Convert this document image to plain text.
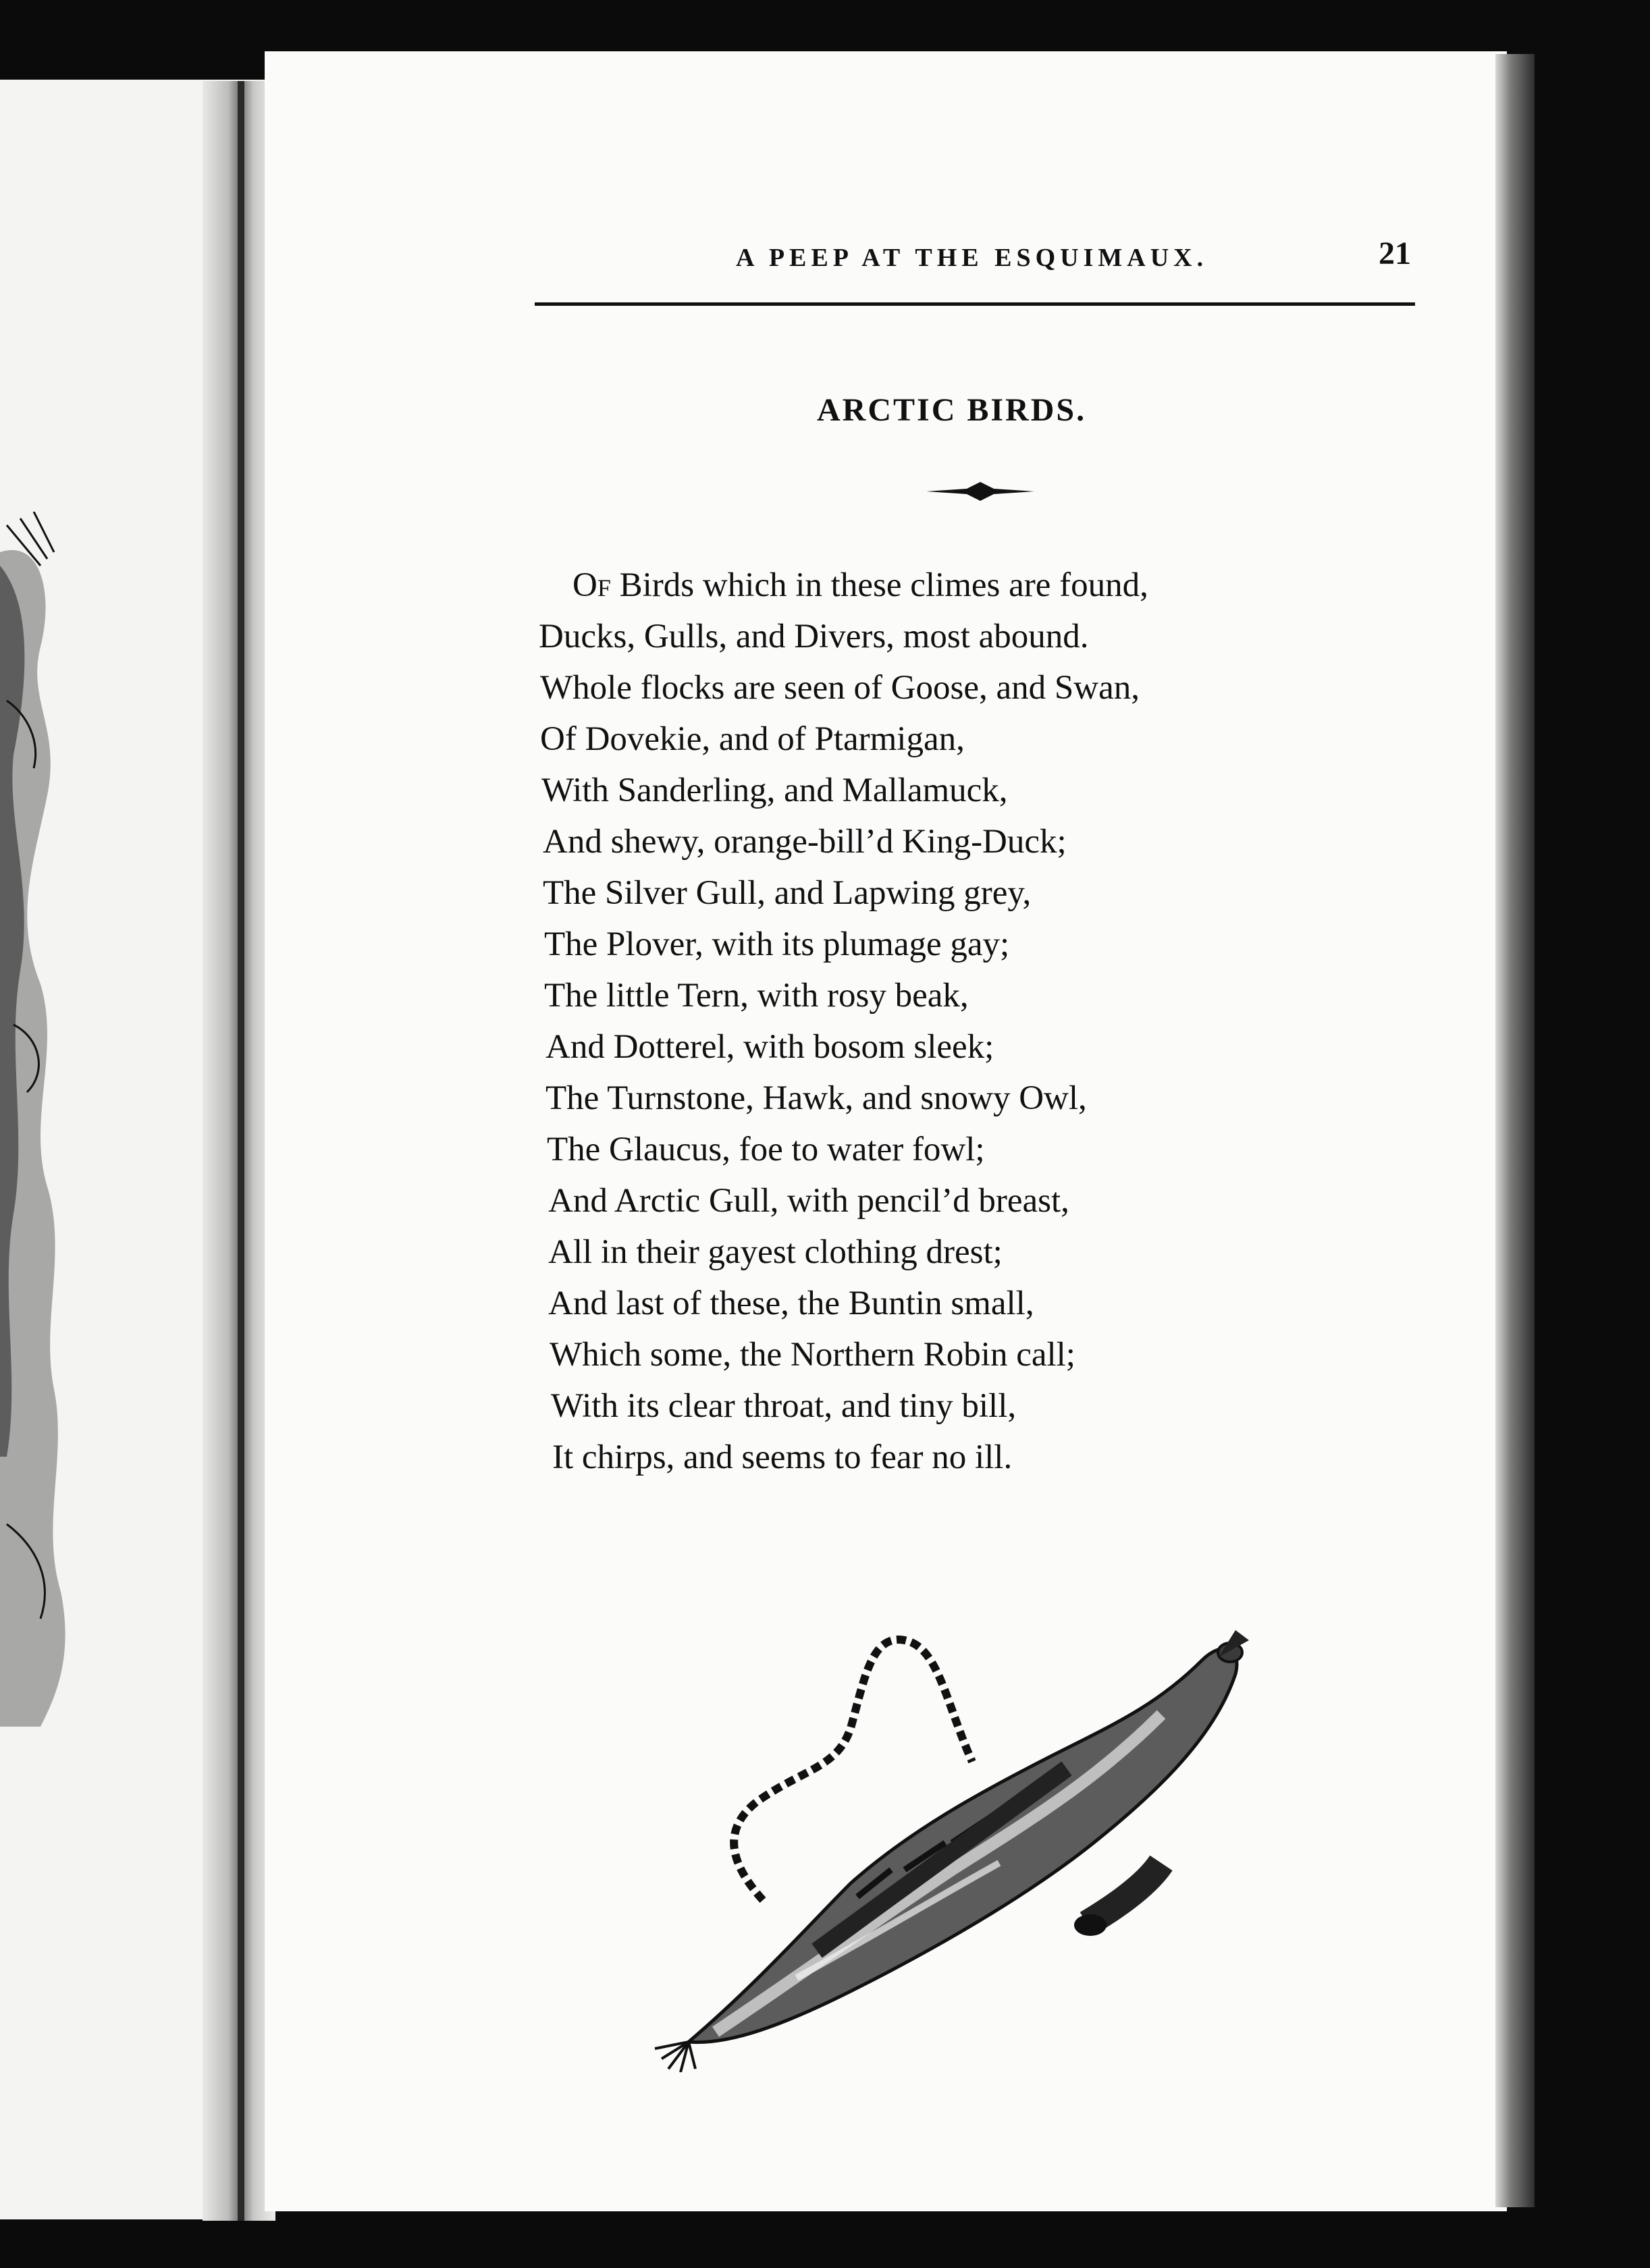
A PEEP AT THE ESQUIMAUX.	21
ARCTIC BIRDS.
Of Birds which in these climes are found,
Ducks, Gulls, and Divers, most abound.
Whole flocks are seen of Goose, and Swan,
Of Dovekie, and of Ptarmigan,
With Sanderling, and Mallamuck,
And shewy, orange-bill’d King-Duck;
The Silver Gull, and Lapwing grey,
The Plover, with its plumage gay;
The little Tern, with rosy beak,
And Dotterel, with bosom sleek;
The Turnstone, Hawk, and snowy Owl,
The Glaucus, foe to water fowl;
And Arctic Gull, with pencil’d breast,
All in their gayest clothing drest;
And last of these, the Buntin small,
Which some, the Northern Robin call;
With its clear throat, and tiny bill,
It chirps, and seems to fear no ill.
